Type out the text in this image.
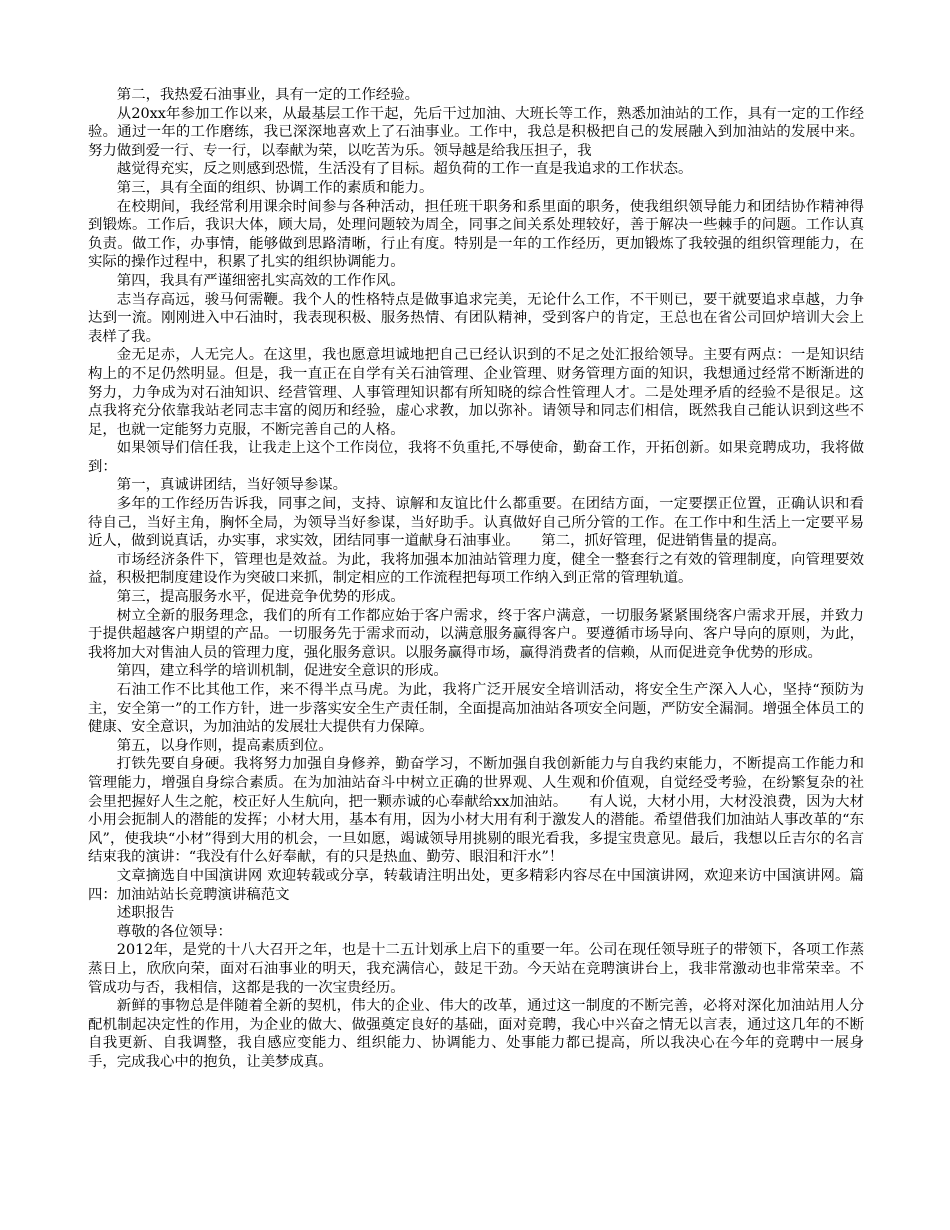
第二，我热爱石油事业，具有一定的工作经验。

从20xx年参加工作以来，从最基层工作干起，先后干过加油、大班长等工作，熟悉加油站的工作，具有一定的工作经验。通过一年的工作磨练，我已深深地喜欢上了石油事业。工作中，我总是积极把自己的发展融入到加油站的发展中来。努力做到爱一行、专一行，以奉献为荣，以吃苦为乐。领导越是给我压担子，我

越觉得充实，反之则感到恐慌，生活没有了目标。超负荷的工作一直是我追求的工作状态。

第三，具有全面的组织、协调工作的素质和能力。

在校期间，我经常利用课余时间参与各种活动，担任班干职务和系里面的职务，使我组织领导能力和团结协作精神得到锻炼。工作后，我识大体，顾大局，处理问题较为周全，同事之间关系处理较好，善于解决一些棘手的问题。工作认真负责。做工作，办事情，能够做到思路清晰，行止有度。特别是一年的工作经历，更加锻炼了我较强的组织管理能力，在实际的操作过程中，积累了扎实的组织协调能力。

第四，我具有严谨细密扎实高效的工作作风。

志当存高远，骏马何需鞭。我个人的性格特点是做事追求完美，无论什么工作，不干则已，要干就要追求卓越，力争达到一流。刚刚进入中石油时，我表现积极、服务热情、有团队精神，受到客户的肯定，王总也在省公司回炉培训大会上表样了我。

金无足赤，人无完人。在这里，我也愿意坦诚地把自己已经认识到的不足之处汇报给领导。主要有两点：一是知识结构上的不足仍然明显。但是，我一直正在自学有关石油管理、企业管理、财务管理方面的知识，我想通过经常不断渐进的努力，力争成为对石油知识、经营管理、人事管理知识都有所知晓的综合性管理人才。二是处理矛盾的经验不是很足。这点我将充分依靠我站老同志丰富的阅历和经验，虚心求教，加以弥补。请领导和同志们相信，既然我自己能认识到这些不足，也就一定能努力克服，不断完善自己的人格。

如果领导们信任我，让我走上这个工作岗位，我将不负重托,不辱使命，勤奋工作，开拓创新。如果竞聘成功，我将做到：

第一，真诚讲团结，当好领导参谋。

多年的工作经历告诉我，同事之间，支持、谅解和友谊比什么都重要。在团结方面，一定要摆正位置，正确认识和看待自己，当好主角，胸怀全局，为领导当好参谋，当好助手。认真做好自己所分管的工作。在工作中和生活上一定要平易近人，做到说真话，办实事，求实效，团结同事一道献身石油事业。　　第二，抓好管理，促进销售量的提高。

市场经济条件下，管理也是效益。为此，我将加强本加油站管理力度，健全一整套行之有效的管理制度，向管理要效益，积极把制度建设作为突破口来抓，制定相应的工作流程把每项工作纳入到正常的管理轨道。

第三，提高服务水平，促进竞争优势的形成。

树立全新的服务理念，我们的所有工作都应始于客户需求，终于客户满意，一切服务紧紧围绕客户需求开展，并致力于提供超越客户期望的产品。一切服务先于需求而动，以满意服务赢得客户。要遵循市场导向、客户导向的原则，为此，我将加大对售油人员的管理力度，强化服务意识。以服务赢得市场，赢得消费者的信赖，从而促进竞争优势的形成。

第四，建立科学的培训机制，促进安全意识的形成。

石油工作不比其他工作，来不得半点马虎。为此，我将广泛开展安全培训活动，将安全生产深入人心，坚持“预防为主，安全第一”的工作方针，进一步落实安全生产责任制，全面提高加油站各项安全问题，严防安全漏洞。增强全体员工的健康、安全意识，为加油站的发展壮大提供有力保障。

第五，以身作则，提高素质到位。

打铁先要自身硬。我将努力加强自身修养，勤奋学习，不断加强自我创新能力与自我约束能力，不断提高工作能力和管理能力，增强自身综合素质。在为加油站奋斗中树立正确的世界观、人生观和价值观，自觉经受考验，在纷繁复杂的社会里把握好人生之舵，校正好人生航向，把一颗赤诚的心奉献给xx加油站。　　有人说，大材小用，大材没浪费，因为大材小用会扼制人的潜能的发挥；小材大用，基本有用，因为小材大用有利于激发人的潜能。希望借我们加油站人事改革的“东风”，使我块“小材”得到大用的机会，一旦如愿，竭诚领导用挑剔的眼光看我，多提宝贵意见。最后，我想以丘吉尔的名言结束我的演讲：“我没有什么好奉献，有的只是热血、勤劳、眼泪和汗水”！

文章摘选自中国演讲网 欢迎转载或分享，转载请注明出处，更多精彩内容尽在中国演讲网，欢迎来访中国演讲网。篇四：加油站站长竞聘演讲稿范文

述职报告

尊敬的各位领导：

2012年，是党的十八大召开之年，也是十二五计划承上启下的重要一年。公司在现任领导班子的带领下，各项工作蒸蒸日上，欣欣向荣，面对石油事业的明天，我充满信心，鼓足干劲。今天站在竞聘演讲台上，我非常激动也非常荣幸。不管成功与否，我相信，这都是我的一次宝贵经历。

新鲜的事物总是伴随着全新的契机，伟大的企业、伟大的改革，通过这一制度的不断完善，必将对深化加油站用人分配机制起决定性的作用，为企业的做大、做强奠定良好的基础，面对竞聘，我心中兴奋之情无以言表，通过这几年的不断自我更新、自我调整，我自感应变能力、组织能力、协调能力、处事能力都已提高，所以我决心在今年的竞聘中一展身手，完成我心中的抱负，让美梦成真。
